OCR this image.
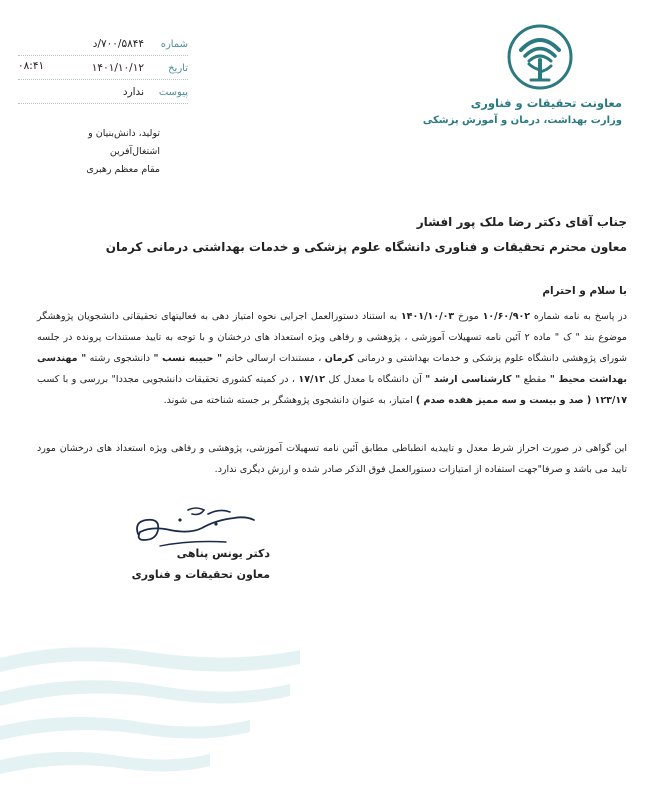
شماره
۷۰۰/۵۸۴۴/د
تاریخ
۱۴۰۱/۱۰/۱۲
پیوست
ندارد
۰۸:۴۱
تولید، دانش‌بنیان و اشتغال‌آفرین
مقام معظم رهبری
معاونت تحقیقات و فناوری
وزارت بهداشت، درمان و آموزش پزشکی
جناب آقای دکتر رضا ملک پور افشار
معاون محترم تحقیقات و فناوری دانشگاه علوم پزشکی و خدمات بهداشتی درمانی کرمان
با سلام و احترام
در پاسخ به نامه شماره ۱۰/۶۰/۹۰۲ مورخ ۱۴۰۱/۱۰/۰۳ به استناد دستورالعمل اجرایی نحوه امتیاز دهی به فعالیتهای تحقیقاتی دانشجویان پژوهشگر موضوع بند " ک " ماده ۲ آئین نامه تسهیلات آموزشی ، پژوهشی و رفاهی ویژه استعداد های درخشان و با توجه به تایید مستندات پرونده در جلسه شورای پژوهشی دانشگاه علوم پزشکی و خدمات بهداشتی و درمانی کرمان ، مستندات ارسالی خانم " حبیبه نسب " دانشجوی رشته " مهندسی بهداشت محیط " مقطع " کارشناسی ارشد " آن دانشگاه با معدل کل ۱۷/۱۲ ، در کمیته کشوری تحقیقات دانشجویی مجددا" بررسی و با کسب ۱۲۳/۱۷ ( صد و بیست و سه ممیز هفده صدم ) امتیاز، به عنوان دانشجوی پژوهشگر بر جسته شناخته می شوند.
این گواهی در صورت احراز شرط معدل و تاییدیه انطباطی مطابق آئین نامه تسهیلات آموزشی، پژوهشی و رفاهی ویژه استعداد های درخشان مورد تایید می باشد و صرفا"جهت استفاده از امتیازات دستورالعمل فوق الذکر صادر شده و ارزش دیگری ندارد.
دکتر یونس پناهی
معاون تحقیقات و فناوری
